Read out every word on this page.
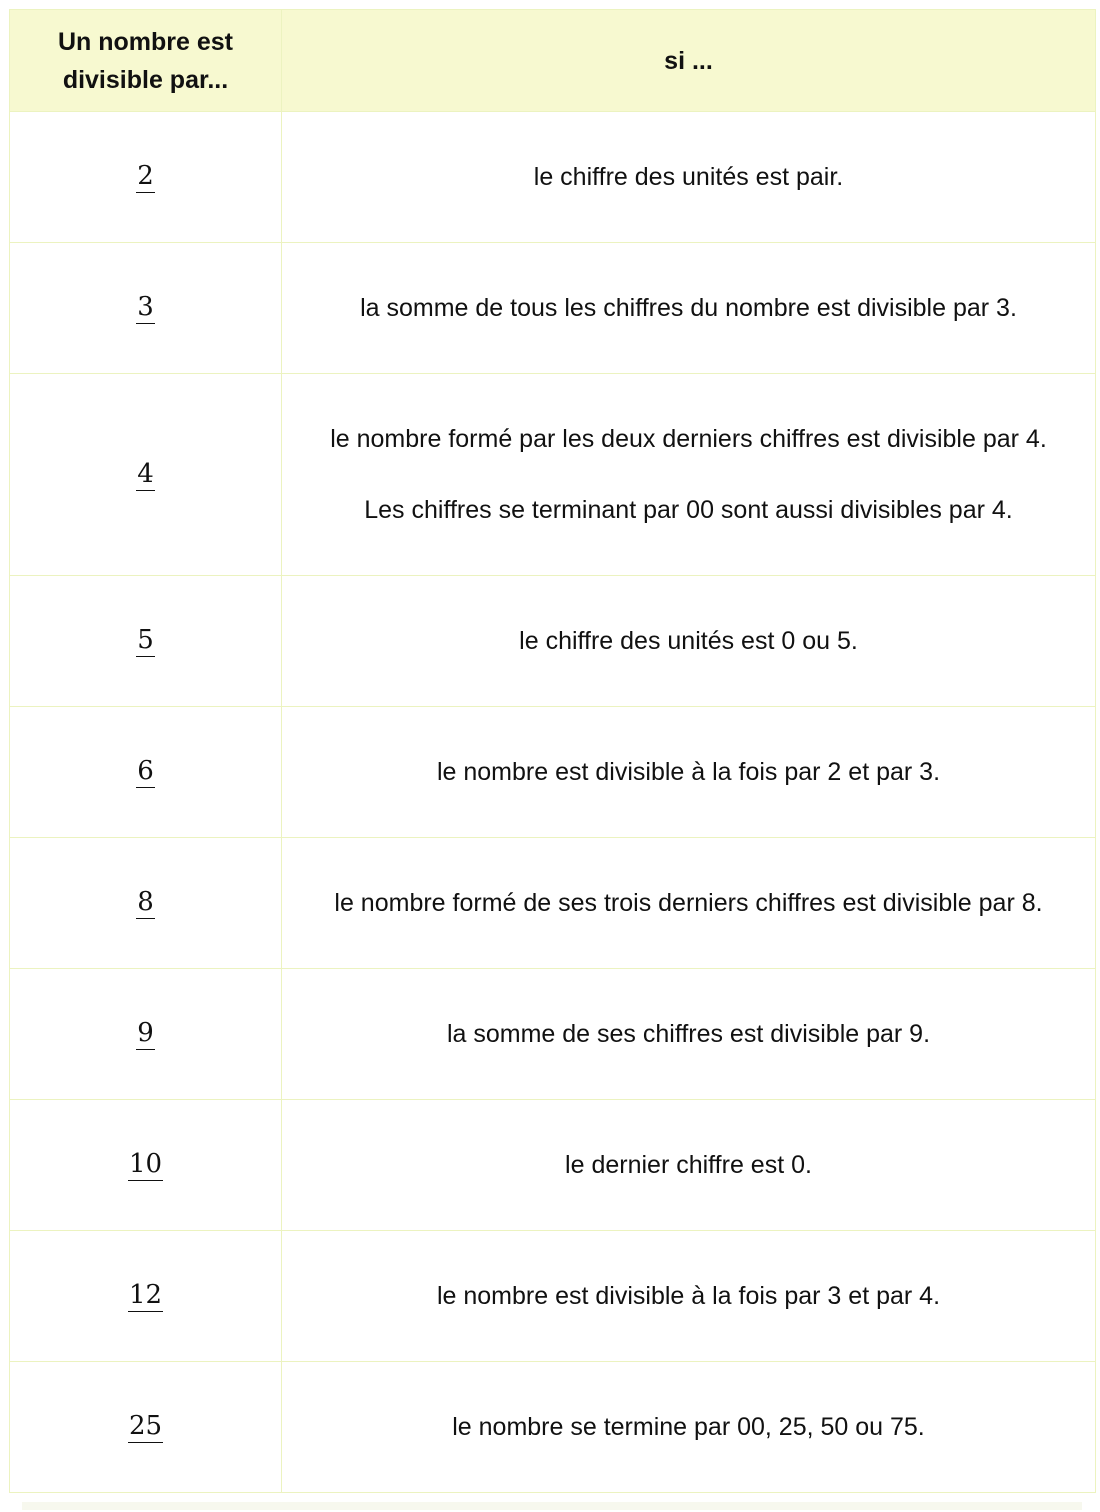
Un nombre est divisible par...	si ...
2	le chiffre des unités est pair.

3	la somme de tous les chiffres du nombre est divisible par 3.

4	le nombre formé par les deux derniers chiffres est divisible par 4.

Les chiffres se terminant par 00 sont aussi divisibles par 4.

5	le chiffre des unités est 0 ou 5.

6	le nombre est divisible à la fois par 2 et par 3.

8	le nombre formé de ses trois derniers chiffres est divisible par 8.

9	la somme de ses chiffres est divisible par 9.

10	le dernier chiffre est 0.

12	le nombre est divisible à la fois par 3 et par 4.

25	le nombre se termine par 00, 25, 50 ou 75.
